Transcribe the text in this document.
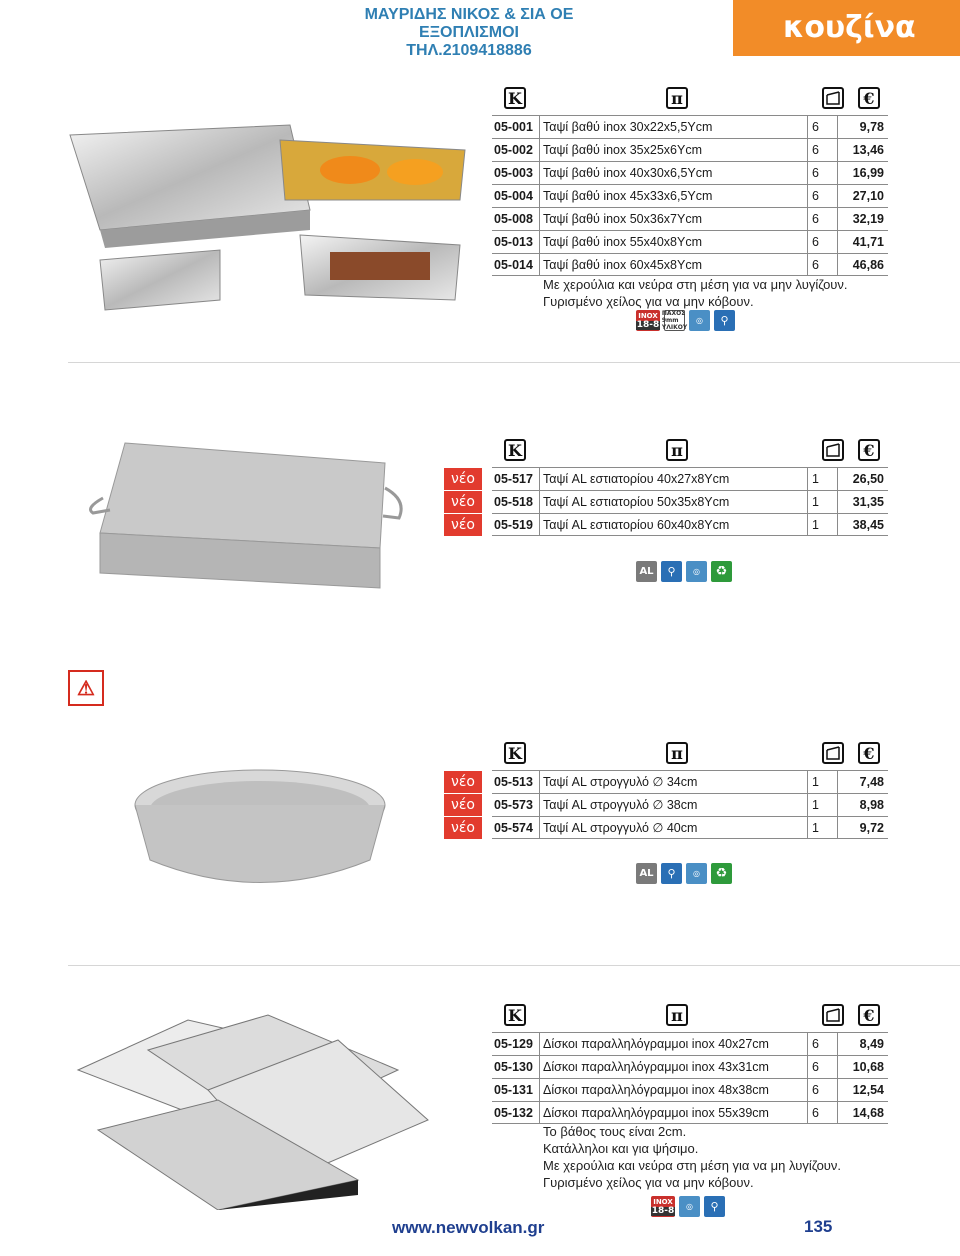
ΜΑΥΡΙΔΗΣ ΝΙΚΟΣ & ΣΙΑ ΟΕ
ΕΞΟΠΛΙΣΜΟΙ
ΤΗΛ.2109418886
κουζίνα
Κ	π	€
05-001 Ταψί βαθύ inox 30x22x5,5Υcm	6	9,78
05-002 Ταψί βαθύ inox 35x25x6Υcm	6	13,46
05-003 Ταψί βαθύ inox 40x30x6,5Υcm	6	16,99
05-004 Ταψί βαθύ inox 45x33x6,5Υcm	6	27,10
05-008 Ταψί βαθύ inox 50x36x7Υcm	6	32,19
05-013 Ταψί βαθύ inox 55x40x8Υcm	6	41,71
05-014 Ταψί βαθύ inox 60x45x8Υcm	6	46,86
Με χερούλια και νεύρα στη μέση για να μην λυγίζουν.
Γυρισμένο χείλος για να μην κόβουν.
INOX
18-8
ΠΑΧΟΣ 9mm ΥΛΙΚΟΥ
◎	⚲
νέο
νέο
νέο
Κ	π	€
05-517 Ταψί AL εστιατορίου 40x27x8Υcm	1	26,50
05-518 Ταψί AL εστιατορίου 50x35x8Υcm	1	31,35
05-519 Ταψί AL εστιατορίου 60x40x8Υcm	1	38,45
AL	⚲	◎	♻
⚠
νέο
νέο
νέο
Κ	π	€
05-513 Ταψί AL στρογγυλό ∅ 34cm	1	7,48
05-573 Ταψί AL στρογγυλό ∅ 38cm	1	8,98
05-574 Ταψί AL στρογγυλό ∅ 40cm	1	9,72
AL	⚲	◎	♻
Κ	π	€
05-129 Δίσκοι παραλληλόγραμμοι inox 40x27cm	6	8,49
05-130 Δίσκοι παραλληλόγραμμοι inox 43x31cm	6	10,68
05-131 Δίσκοι παραλληλόγραμμοι inox 48x38cm	6	12,54
05-132 Δίσκοι παραλληλόγραμμοι inox 55x39cm	6	14,68
Το βάθος τους είναι 2cm.
Κατάλληλοι και για ψήσιμο.
Με χερούλια και νεύρα στη μέση για να μη λυγίζουν.
Γυρισμένο χείλος για να μην κόβουν.
INOX
18-8	◎	⚲
www.newvolkan.gr	135
